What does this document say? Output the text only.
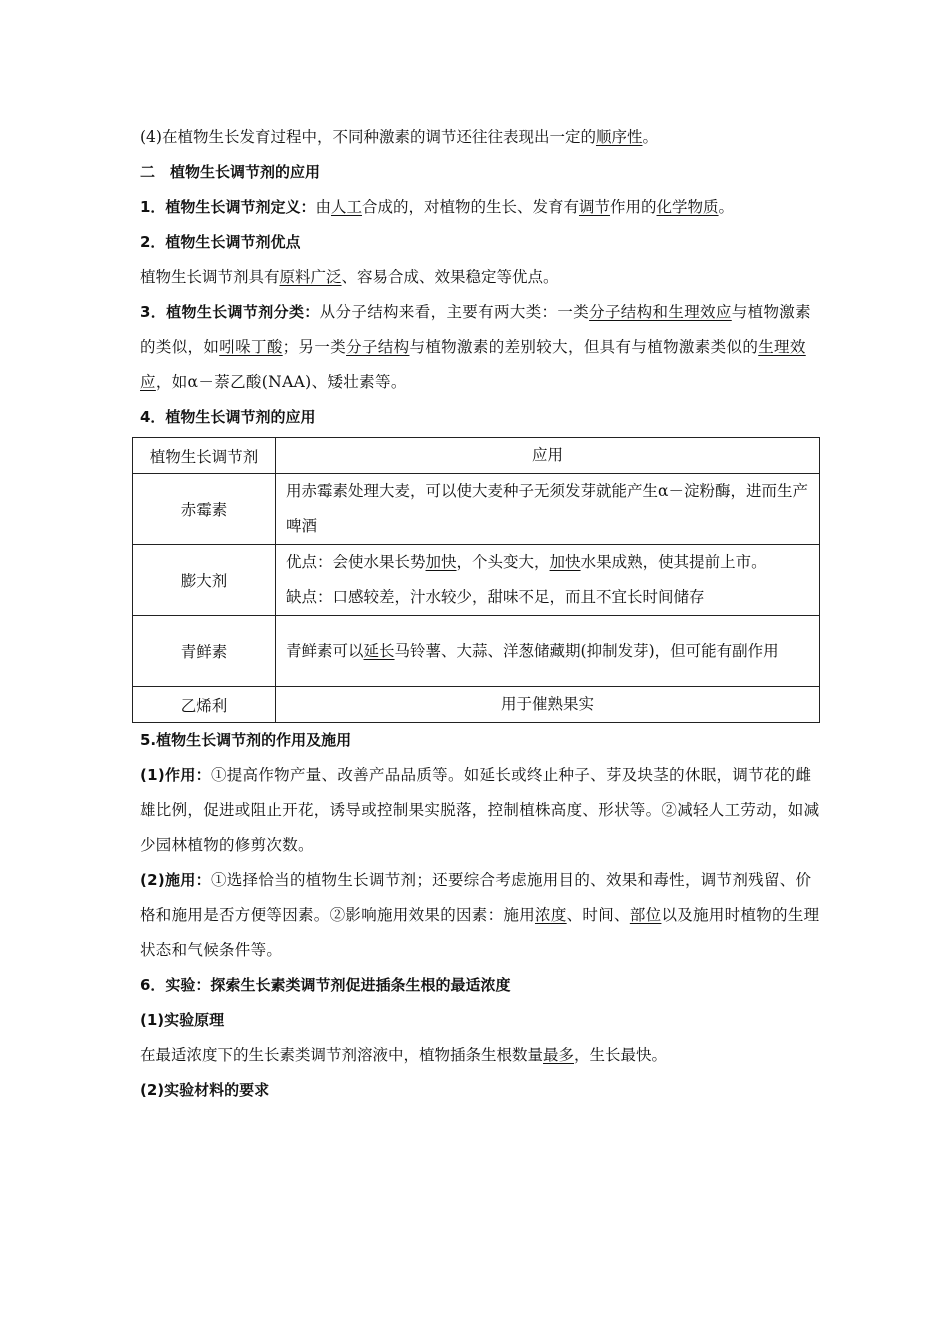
(4)在植物生长发育过程中，不同种激素的调节还往往表现出一定的顺序性。
二　植物生长调节剂的应用
1．植物生长调节剂定义：由人工合成的，对植物的生长、发育有调节作用的化学物质。
2．植物生长调节剂优点
植物生长调节剂具有原料广泛、容易合成、效果稳定等优点。
3．植物生长调节剂分类：从分子结构来看，主要有两大类：一类分子结构和生理效应与植物激素的类似，如吲哚丁酸；另一类分子结构与植物激素的差别较大，但具有与植物激素类似的生理效应，如α－萘乙酸(NAA)、矮壮素等。
4．植物生长调节剂的应用
植物生长调节剂	应用
赤霉素	用赤霉素处理大麦，可以使大麦种子无须发芽就能产生α－淀粉酶，进而生产啤酒
膨大剂	优点：会使水果长势加快，个头变大，加快水果成熟，使其提前上市。
缺点：口感较差，汁水较少，甜味不足，而且不宜长时间储存

青鲜素	青鲜素可以延长马铃薯、大蒜、洋葱储藏期(抑制发芽)，但可能有副作用
乙烯利	用于催熟果实
5.植物生长调节剂的作用及施用
(1)作用：①提高作物产量、改善产品品质等。如延长或终止种子、芽及块茎的休眠，调节花的雌雄比例，促进或阻止开花，诱导或控制果实脱落，控制植株高度、形状等。②减轻人工劳动，如减少园林植物的修剪次数。
(2)施用：①选择恰当的植物生长调节剂；还要综合考虑施用目的、效果和毒性，调节剂残留、价格和施用是否方便等因素。②影响施用效果的因素：施用浓度、时间、部位以及施用时植物的生理状态和气候条件等。
6．实验：探索生长素类调节剂促进插条生根的最适浓度
(1)实验原理
在最适浓度下的生长素类调节剂溶液中，植物插条生根数量最多，生长最快。
(2)实验材料的要求
